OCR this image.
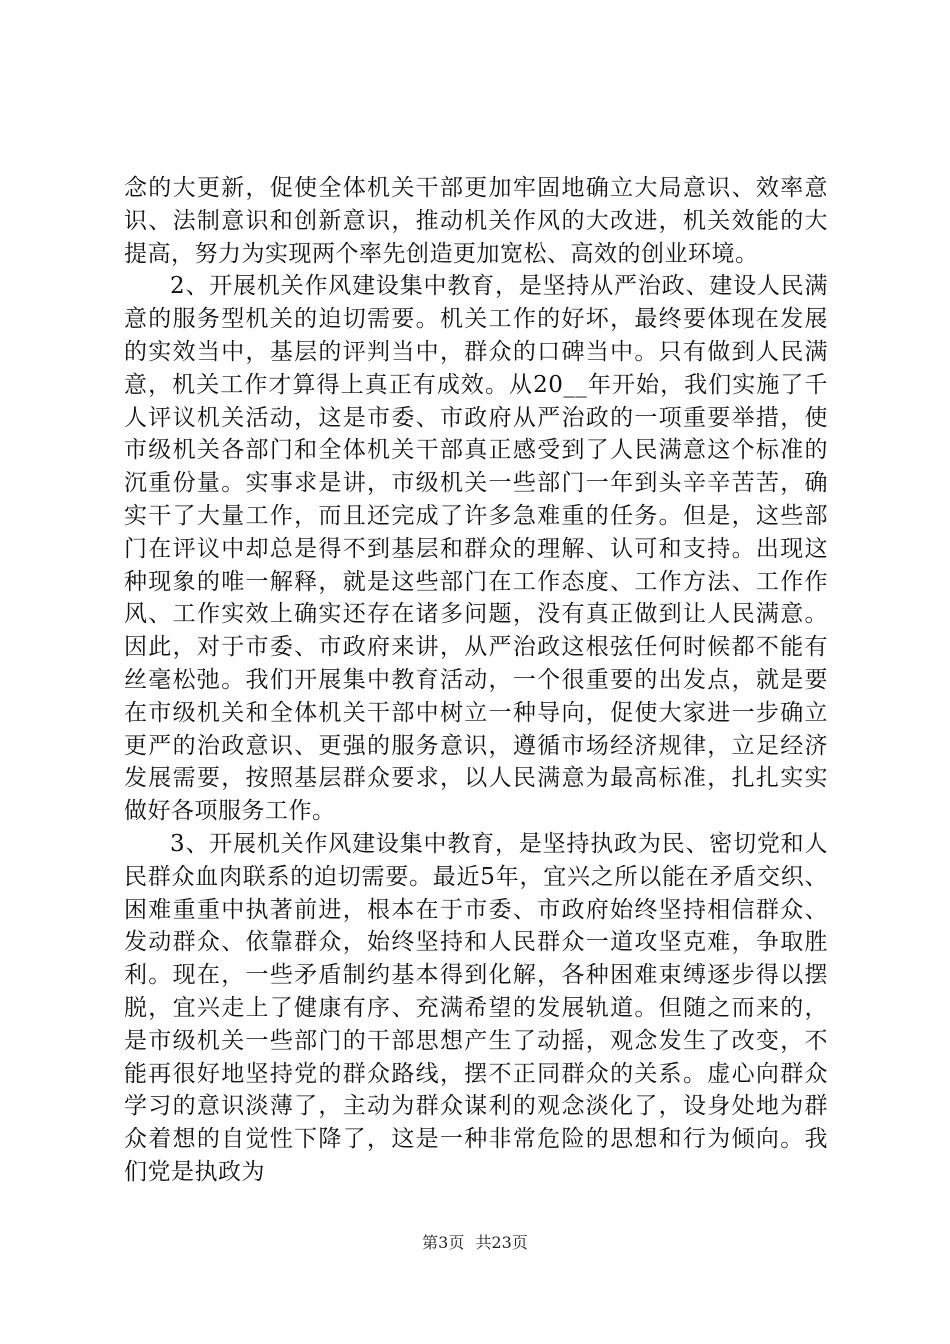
念的大更新，促使全体机关干部更加牢固地确立大局意识、效率意识、法制意识和创新意识，推动机关作风的大改进，机关效能的大提高，努力为实现两个率先创造更加宽松、高效的创业环境。

2、开展机关作风建设集中教育，是坚持从严治政、建设人民满意的服务型机关的迫切需要。机关工作的好坏，最终要体现在发展的实效当中，基层的评判当中，群众的口碑当中。只有做到人民满意，机关工作才算得上真正有成效。从20__年开始，我们实施了千人评议机关活动，这是市委、市政府从严治政的一项重要举措，使市级机关各部门和全体机关干部真正感受到了人民满意这个标准的沉重份量。实事求是讲，市级机关一些部门一年到头辛辛苦苦，确实干了大量工作，而且还完成了许多急难重的任务。但是，这些部门在评议中却总是得不到基层和群众的理解、认可和支持。出现这种现象的唯一解释，就是这些部门在工作态度、工作方法、工作作风、工作实效上确实还存在诸多问题，没有真正做到让人民满意。因此，对于市委、市政府来讲，从严治政这根弦任何时候都不能有丝毫松弛。我们开展集中教育活动，一个很重要的出发点，就是要在市级机关和全体机关干部中树立一种导向，促使大家进一步确立更严的治政意识、更强的服务意识，遵循市场经济规律，立足经济发展需要，按照基层群众要求，以人民满意为最高标准，扎扎实实做好各项服务工作。

3、开展机关作风建设集中教育，是坚持执政为民、密切党和人民群众血肉联系的迫切需要。最近5年，宜兴之所以能在矛盾交织、困难重重中执著前进，根本在于市委、市政府始终坚持相信群众、发动群众、依靠群众，始终坚持和人民群众一道攻坚克难，争取胜利。现在，一些矛盾制约基本得到化解，各种困难束缚逐步得以摆脱，宜兴走上了健康有序、充满希望的发展轨道。但随之而来的，是市级机关一些部门的干部思想产生了动摇，观念发生了改变，不能再很好地坚持党的群众路线，摆不正同群众的关系。虚心向群众学习的意识淡薄了，主动为群众谋利的观念淡化了，设身处地为群众着想的自觉性下降了，这是一种非常危险的思想和行为倾向。我们党是执政为

第3页 共23页
